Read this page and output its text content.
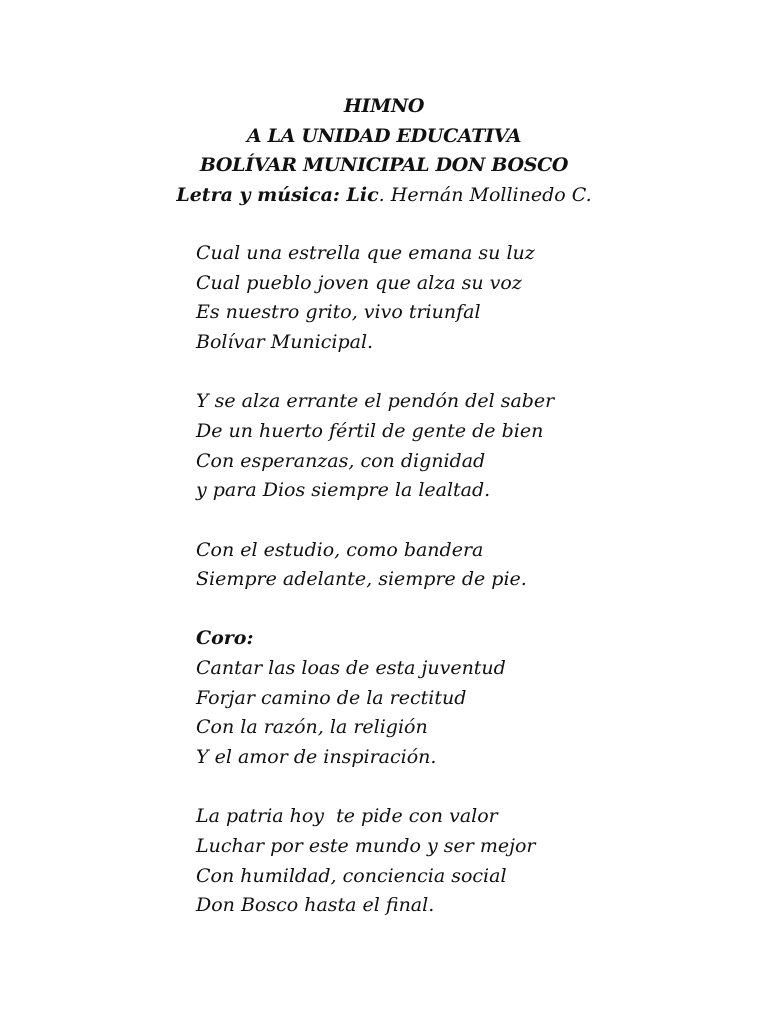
HIMNO
A LA UNIDAD EDUCATIVA
BOLÍVAR MUNICIPAL DON BOSCO
Letra y música: Lic. Hernán Mollinedo C.
Cual una estrella que emana su luz
Cual pueblo joven que alza su voz
Es nuestro grito, vivo triunfal
Bolívar Municipal.
Y se alza errante el pendón del saber
De un huerto fértil de gente de bien
Con esperanzas, con dignidad
y para Dios siempre la lealtad.
Con el estudio, como bandera
Siempre adelante, siempre de pie.
Coro:
Cantar las loas de esta juventud
Forjar camino de la rectitud
Con la razón, la religión
Y el amor de inspiración.
La patria hoy  te pide con valor
Luchar por este mundo y ser mejor
Con humildad, conciencia social
Don Bosco hasta el final.
